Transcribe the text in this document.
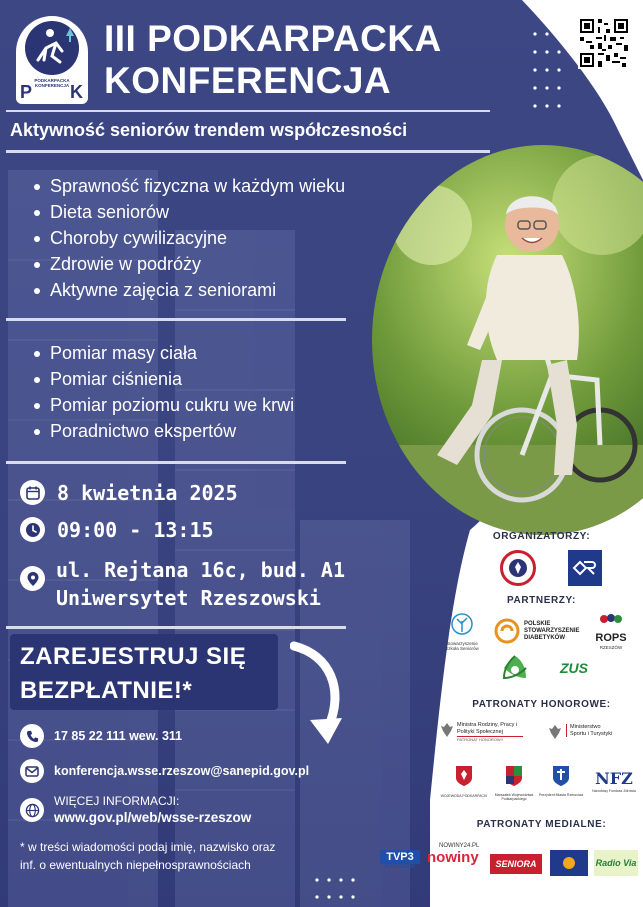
PODKARPACKA KONFERENCJA
P K
III PODKARPACKA
KONFERENCJA
Aktywność seniorów trendem współczesności
Sprawność fizyczna w każdym wieku
Dieta seniorów
Choroby cywilizacyjne
Zdrowie w podróży
Aktywne zajęcia z seniorami
Pomiar masy ciała
Pomiar ciśnienia
Pomiar poziomu cukru we krwi
Poradnictwo ekspertów
8 kwietnia 2025
09:00 - 13:15
ul. Rejtana 16c, bud. A1
Uniwersytet Rzeszowski
ZAREJESTRUJ SIĘ
BEZPŁATNIE!*
17 85 22 111 wew. 311
konferencja.wsse.rzeszow@sanepid.gov.pl
WIĘCEJ INFORMACJI:
www.gov.pl/web/wsse-rzeszow
* w treści wiadomości podaj imię, nazwisko oraz inf. o ewentualnych niepełnosprawnościach
ORGANIZATORZY:
PARTNERZY:
Stowarzyszenie Szkoła Seniorów
POLSKIE STOWARZYSZENIE DIABETYKÓW	ROPS
RZESZÓW
ZUS
PATRONATY HONOROWE:
Ministra Rodziny, Pracy i Polityki Społecznej
PATRONAT HONOROWY
Ministerstwo Sportu i Turystyki
WOJEWODA PODKARPACKI	Marszałek Województwa Podkarpackiego
Prezydent Miasta Rzeszowa
NFZ
Narodowy Fundusz Zdrowia
PATRONATY MEDIALNE:
TVP3
RZESZÓW
NOWINY24.PL
nowiny	SENIORA	Radio Via
